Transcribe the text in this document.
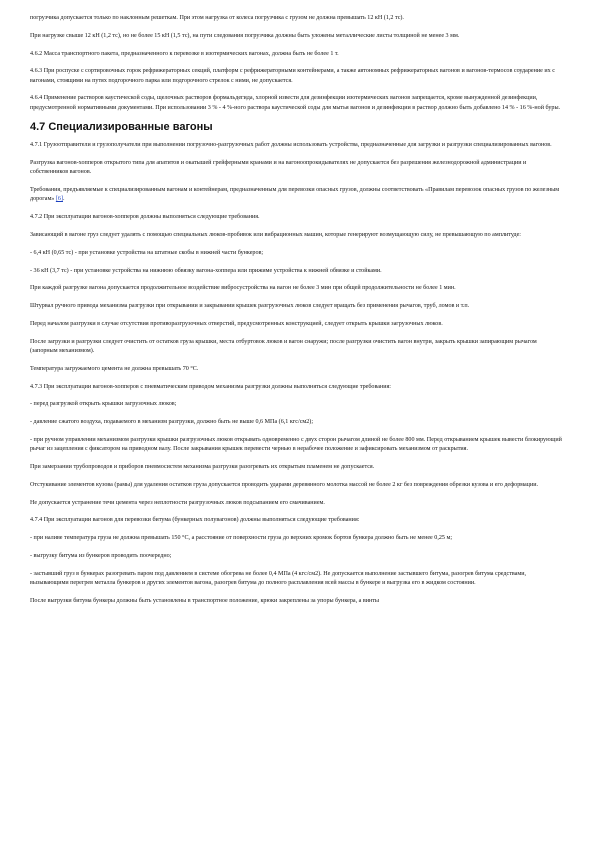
погрузчика допускается только по наклонным решеткам. При этом нагрузка от колеса погрузчика с грузом не должна превышать 12 кН (1,2 тс).

При нагрузке свыше 12 кН (1,2 тс), но не более 15 кН (1,5 тс), на пути следования погрузчика должны быть уложены металлические листы толщиной не менее 3 мм.

4.6.2 Масса транспортного пакета, предназначенного к перевозке в изотермических вагонах, должна быть не более 1 т.

4.6.3 При роспуске с сортировочных горок рефрижераторных секций, платформ с рефрижераторными контейнерами, а также автономных рефрижераторных вагонов и вагонов-термосов соударение их с вагонами, стоящими на путях подгорочного парка или подгорочного стрелок с ними, не допускается.

4.6.4 Применение растворов каустической соды, щелочных растворов формальдегида, хлорной извести для дезинфекции изотермических вагонов запрещается, кроме вынужденной дезинфекции, предусмотренной нормативными документами. При использовании 3 % - 4 %-ного раствора каустической соды для мытья вагонов и дезинфекции в раствор должно быть добавлено 14 % - 16 %-ной буры.

4.7 Специализированные вагоны

4.7.1 Грузоотправители и грузополучатели при выполнении погрузочно-разгрузочных работ должны использовать устройства, предназначенные для загрузки и разгрузки специализированных вагонов.

Разгрузка вагонов-хопперов открытого типа для апатитов и окатышей грейферными кранами и на вагоноопрокидывателях не допускается без разрешения железнодорожной администрации и собственников вагонов.

Требования, предъявляемые к специализированным вагонам и контейнерам, предназначенным для перевозки опасных грузов, должны соответствовать «Правилам перевозок опасных грузов по железным дорогам» [6].

4.7.2 При эксплуатации вагонов-хопперов должны выполняться следующие требования.

Зависающий в вагоне груз следует удалять с помощью специальных люков-пробивок или вибрационных машин, которые генерируют возмущающую силу, не превышающую по амплитуде:

- 6,4 кН (0,65 тс) - при установке устройства на штатные скобы в нижней части бункеров;

- 36 кН (3,7 тс) - при установке устройства на нижнюю обвязку вагона-хоппера или прижиме устройства к нижней обвязке и стойками.

При каждой разгрузке вагона допускается продолжительное воздействие вибросустройства на вагон не более 3 мин при общей продолжительности не более 1 мин.

Штурвал ручного привода механизма разгрузки при открывании и закрывании крышек разгрузочных люков следует вращать без применения рычагов, труб, ломов и т.п.

Перед началом разгрузки в случае отсутствия противоразгрузочных отверстий, предусмотренных конструкцией, следует открыть крышки загрузочных люков.

После загрузки и разгрузки следует очистить от остатков груза крышки, места отбуртовок люков и вагон снаружи; после разгрузки очистить вагон внутри, закрыть крышки запирающим рычагом (запорным механизмом).

Температура загружаемого цемента не должна превышать 70 °С.

4.7.3 При эксплуатации вагонов-хопперов с пневматическим приводом механизма разгрузки должны выполняться следующие требования:

- перед разгрузкой открыть крышки загрузочных люков;

- давление сжатого воздуха, подаваемого в механизм разгрузки, должно быть не выше 0,6 МПа (6,1 кгс/см2);

- при ручном управлении механизмом разгрузки крышки разгрузочных люков открывать одновременно с двух сторон рычагом длиной не более 800 мм. Перед открыванием крышек вывести блокирующий рычаг из зацепления с фиксатором на приводном валу. После закрывания крышек перевести чернью в нерабочее положение и зафиксировать механизмом от раскрытия.

При замерзании трубопроводов и приборов пневмосистем механизма разгрузки разогревать их открытым пламенем не допускается.

Отстукивание элементов кузова (рамы) для удаления остатков груза допускается проводить ударами деревянного молотка массой не более 2 кг без повреждения обрезки кузова и его деформации.

Не допускается устранение течи цемента через неплотности разгрузочных люков подсыпанием его смачиванием.

4.7.4 При эксплуатации вагонов для перевозки битума (бункерных полувагонов) должны выполняться следующие требования:

- при наливе температура груза не должна превышать 150 °С, а расстояние от поверхности груза до верхних кромок бортов бункера должно быть не менее 0,25 м;

- выгрузку битума из бункеров проводить поочередно;

- застывший груз в бункерах разогревать паром под давлением в системе обогрева не более 0,4 МПа (4 кгс/см2). Не допускается выполнение застывшего битума, разогрев битума средствами, вызывающими перегрев металла бункеров и других элементов вагона, разогрев битума до полного расплавления всей массы в бункере и выгрузка его в жидком состоянии.

После выгрузки битума бункеры должны быть установлены в транспортное положение, крюки закреплены за упоры бункера, а винты
